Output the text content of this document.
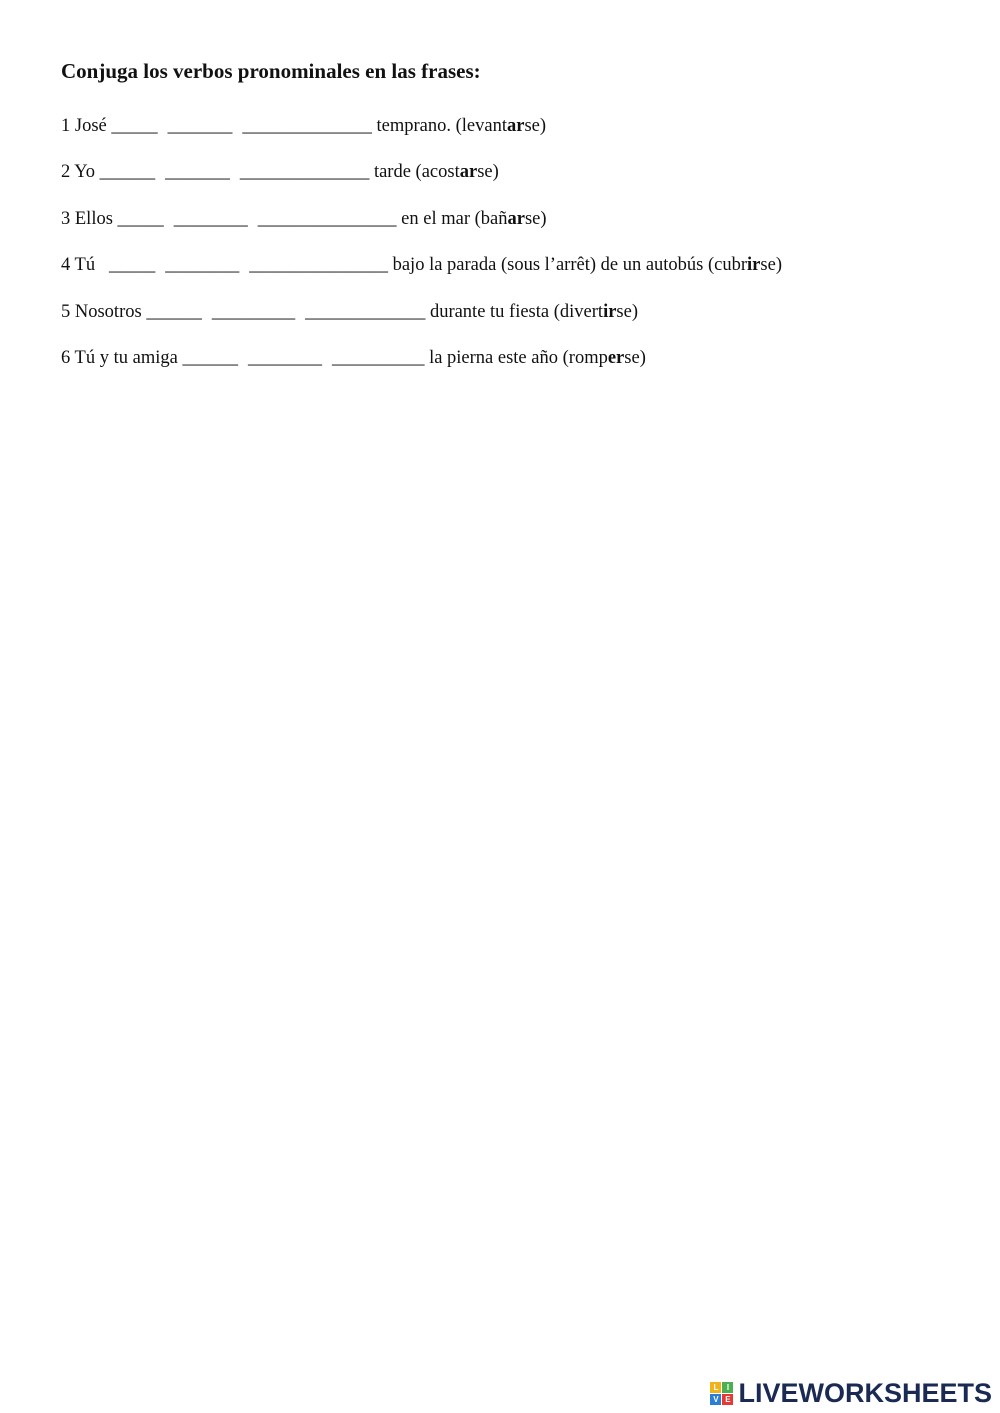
Conjuga los verbos pronominales en las frases:
1 José _____ _______ ______________ temprano. (levantarse)
2 Yo ______ _______ ______________ tarde (acostarse)
3 Ellos _____ ________ _______________ en el mar (bañarse)
4 Tú   _____ ________ _______________ bajo la parada (sous l’arrêt) de un autobús (cubrirse)
5 Nosotros ______ _________ _____________ durante tu fiesta (divertirse)
6 Tú y tu amiga ______ ________ __________ la pierna este año (romperse)
L	I
V E LIVEWORKSHEETS
